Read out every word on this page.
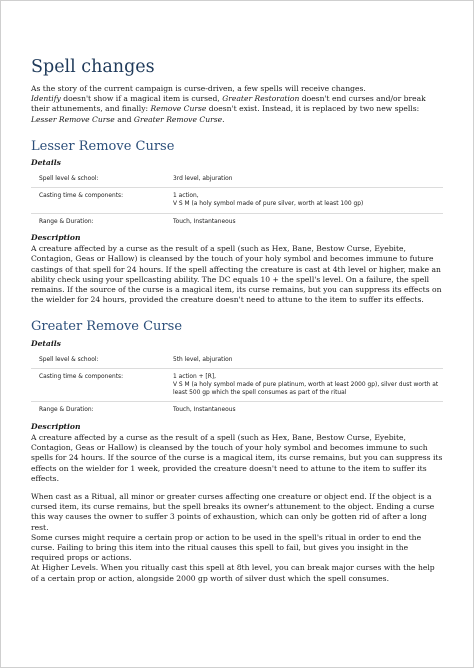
Spell changes

As the story of the current campaign is curse-driven, a few spells will receive changes.
Identify doesn't show if a magical item is cursed, Greater Restoration doesn't end curses and/or break their attunements, and finally: Remove Curse doesn't exist. Instead, it is replaced by two new spells: Lesser Remove Curse and Greater Remove Curse.

Lesser Remove Curse
Details
Spell level & school:	3rd level, abjuration

Casting time & components:	1 action,
V S M (a holy symbol made of pure silver, worth at least 100 gp)

Range & Duration:	Touch, Instantaneous
Description

A creature affected by a curse as the result of a spell (such as Hex, Bane, Bestow Curse, Eyebite, Contagion, Geas or Hallow) is cleansed by the touch of your holy symbol and becomes immune to future castings of that spell for 24 hours. If the spell affecting the creature is cast at 4th level or higher, make an ability check using your spellcasting ability. The DC equals 10 + the spell's level. On a failure, the spell remains. If the source of the curse is a magical item, its curse remains, but you can suppress its effects on the wielder for 24 hours, provided the creature doesn't need to attune to the item to suffer its effects.

Greater Remove Curse
Details
Spell level & school:	5th level, abjuration

Casting time & components:	1 action + [R],
V S M (a holy symbol made of pure platinum, worth at least 2000 gp), silver dust worth at least 500 gp which the spell consumes as part of the ritual

Range & Duration:	Touch, Instantaneous
Description

A creature affected by a curse as the result of a spell (such as Hex, Bane, Bestow Curse, Eyebite, Contagion, Geas or Hallow) is cleansed by the touch of your holy symbol and becomes immune to such spells for 24 hours. If the source of the curse is a magical item, its curse remains, but you can suppress its effects on the wielder for 1 week, provided the creature doesn't need to attune to the item to suffer its effects.

When cast as a Ritual, all minor or greater curses affecting one creature or object end. If the object is a cursed item, its curse remains, but the spell breaks its owner's attunement to the object. Ending a curse this way causes the owner to suffer 3 points of exhaustion, which can only be gotten rid of after a long rest.

Some curses might require a certain prop or action to be used in the spell's ritual in order to end the curse. Failing to bring this item into the ritual causes this spell to fail, but gives you insight in the required props or actions.

At Higher Levels. When you ritually cast this spell at 8th level, you can break major curses with the help of a certain prop or action, alongside 2000 gp worth of silver dust which the spell consumes.
